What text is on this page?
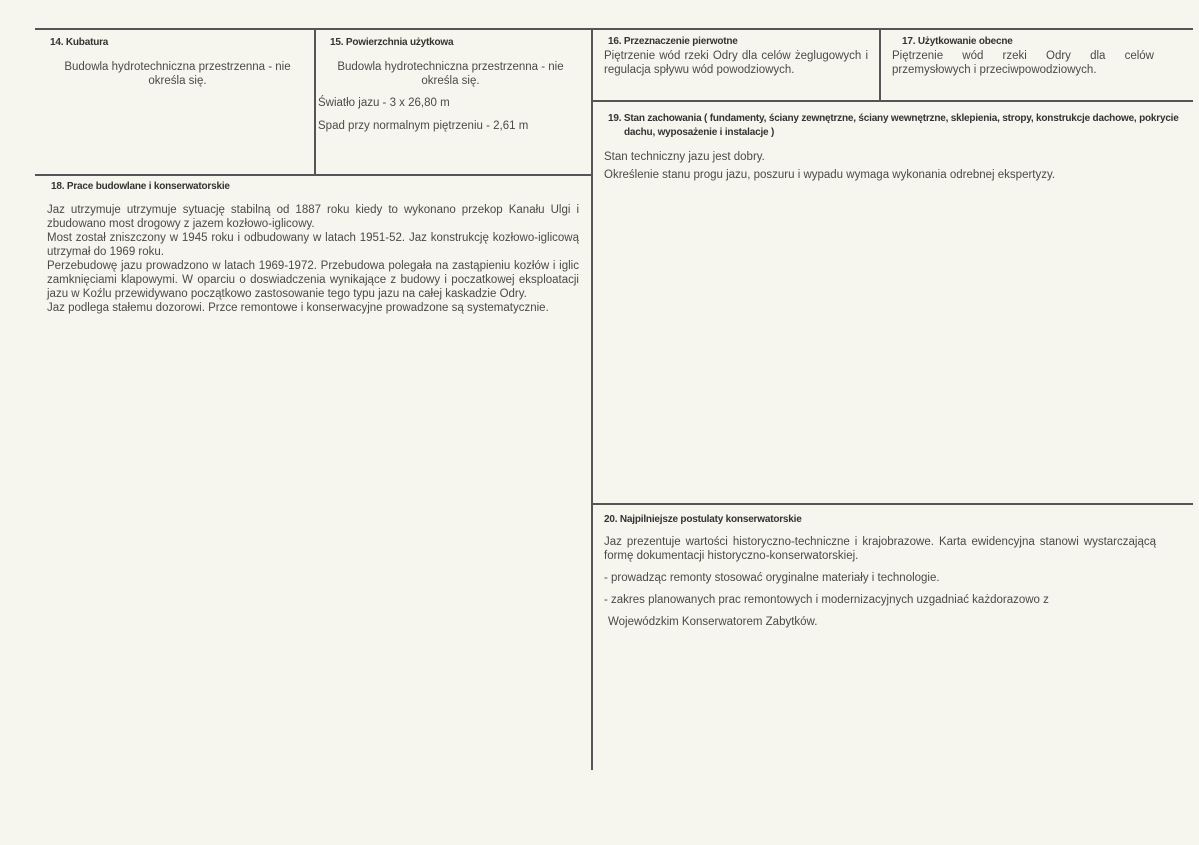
14. Kubatura

Budowla hydrotechniczna przestrzenna - nie określa się.

15. Powierzchnia użytkowa

Budowla hydrotechniczna przestrzenna - nie określa się.

Światło jazu - 3 x 26,80 m

Spad przy normalnym piętrzeniu - 2,61 m

16. Przeznaczenie pierwotne

Piętrzenie wód rzeki Odry dla celów żeglugowych i regulacja spływu wód powodziowych.

17. Użytkowanie obecne

Piętrzenie wód rzeki Odry dla celów przemysłowych i przeciwpowodziowych.

18. Prace budowlane i konserwatorskie

Jaz utrzymuje utrzymuje sytuację stabilną od 1887 roku kiedy to wykonano przekop Kanału Ulgi i zbudowano most drogowy z jazem kozłowo-iglicowy.

Most został zniszczony w 1945 roku i odbudowany w latach 1951-52. Jaz konstrukcję kozłowo-iglicową utrzymał do 1969 roku.

Perzebudowę jazu prowadzono w latach 1969-1972. Przebudowa polegała na zastąpieniu kozłów i iglic zamknięciami klapowymi. W oparciu o doswiadczenia wynikające z budowy i poczatkowej eksploatacji jazu w Koźlu przewidywano początkowo zastosowanie tego typu jazu na całej kaskadzie Odry.

Jaz podlega stałemu dozorowi. Przce remontowe i konserwacyjne prowadzone są systematycznie.

19. Stan zachowania ( fundamenty, ściany zewnętrzne, ściany wewnętrzne, sklepienia, stropy, konstrukcje dachowe, pokrycie dachu, wyposażenie i instalacje )

Stan techniczny jazu jest dobry.

Określenie stanu progu jazu, poszuru i wypadu wymaga wykonania odrebnej ekspertyzy.

20. Najpilniejsze postulaty konserwatorskie

Jaz prezentuje wartości historyczno-techniczne i krajobrazowe. Karta ewidencyjna stanowi wystarczającą formę dokumentacji historyczno-konserwatorskiej.

- prowadząc remonty stosować oryginalne materiały i technologie.

- zakres planowanych prac remontowych i modernizacyjnych uzgadniać każdorazowo z

Wojewódzkim Konserwatorem Zabytków.
